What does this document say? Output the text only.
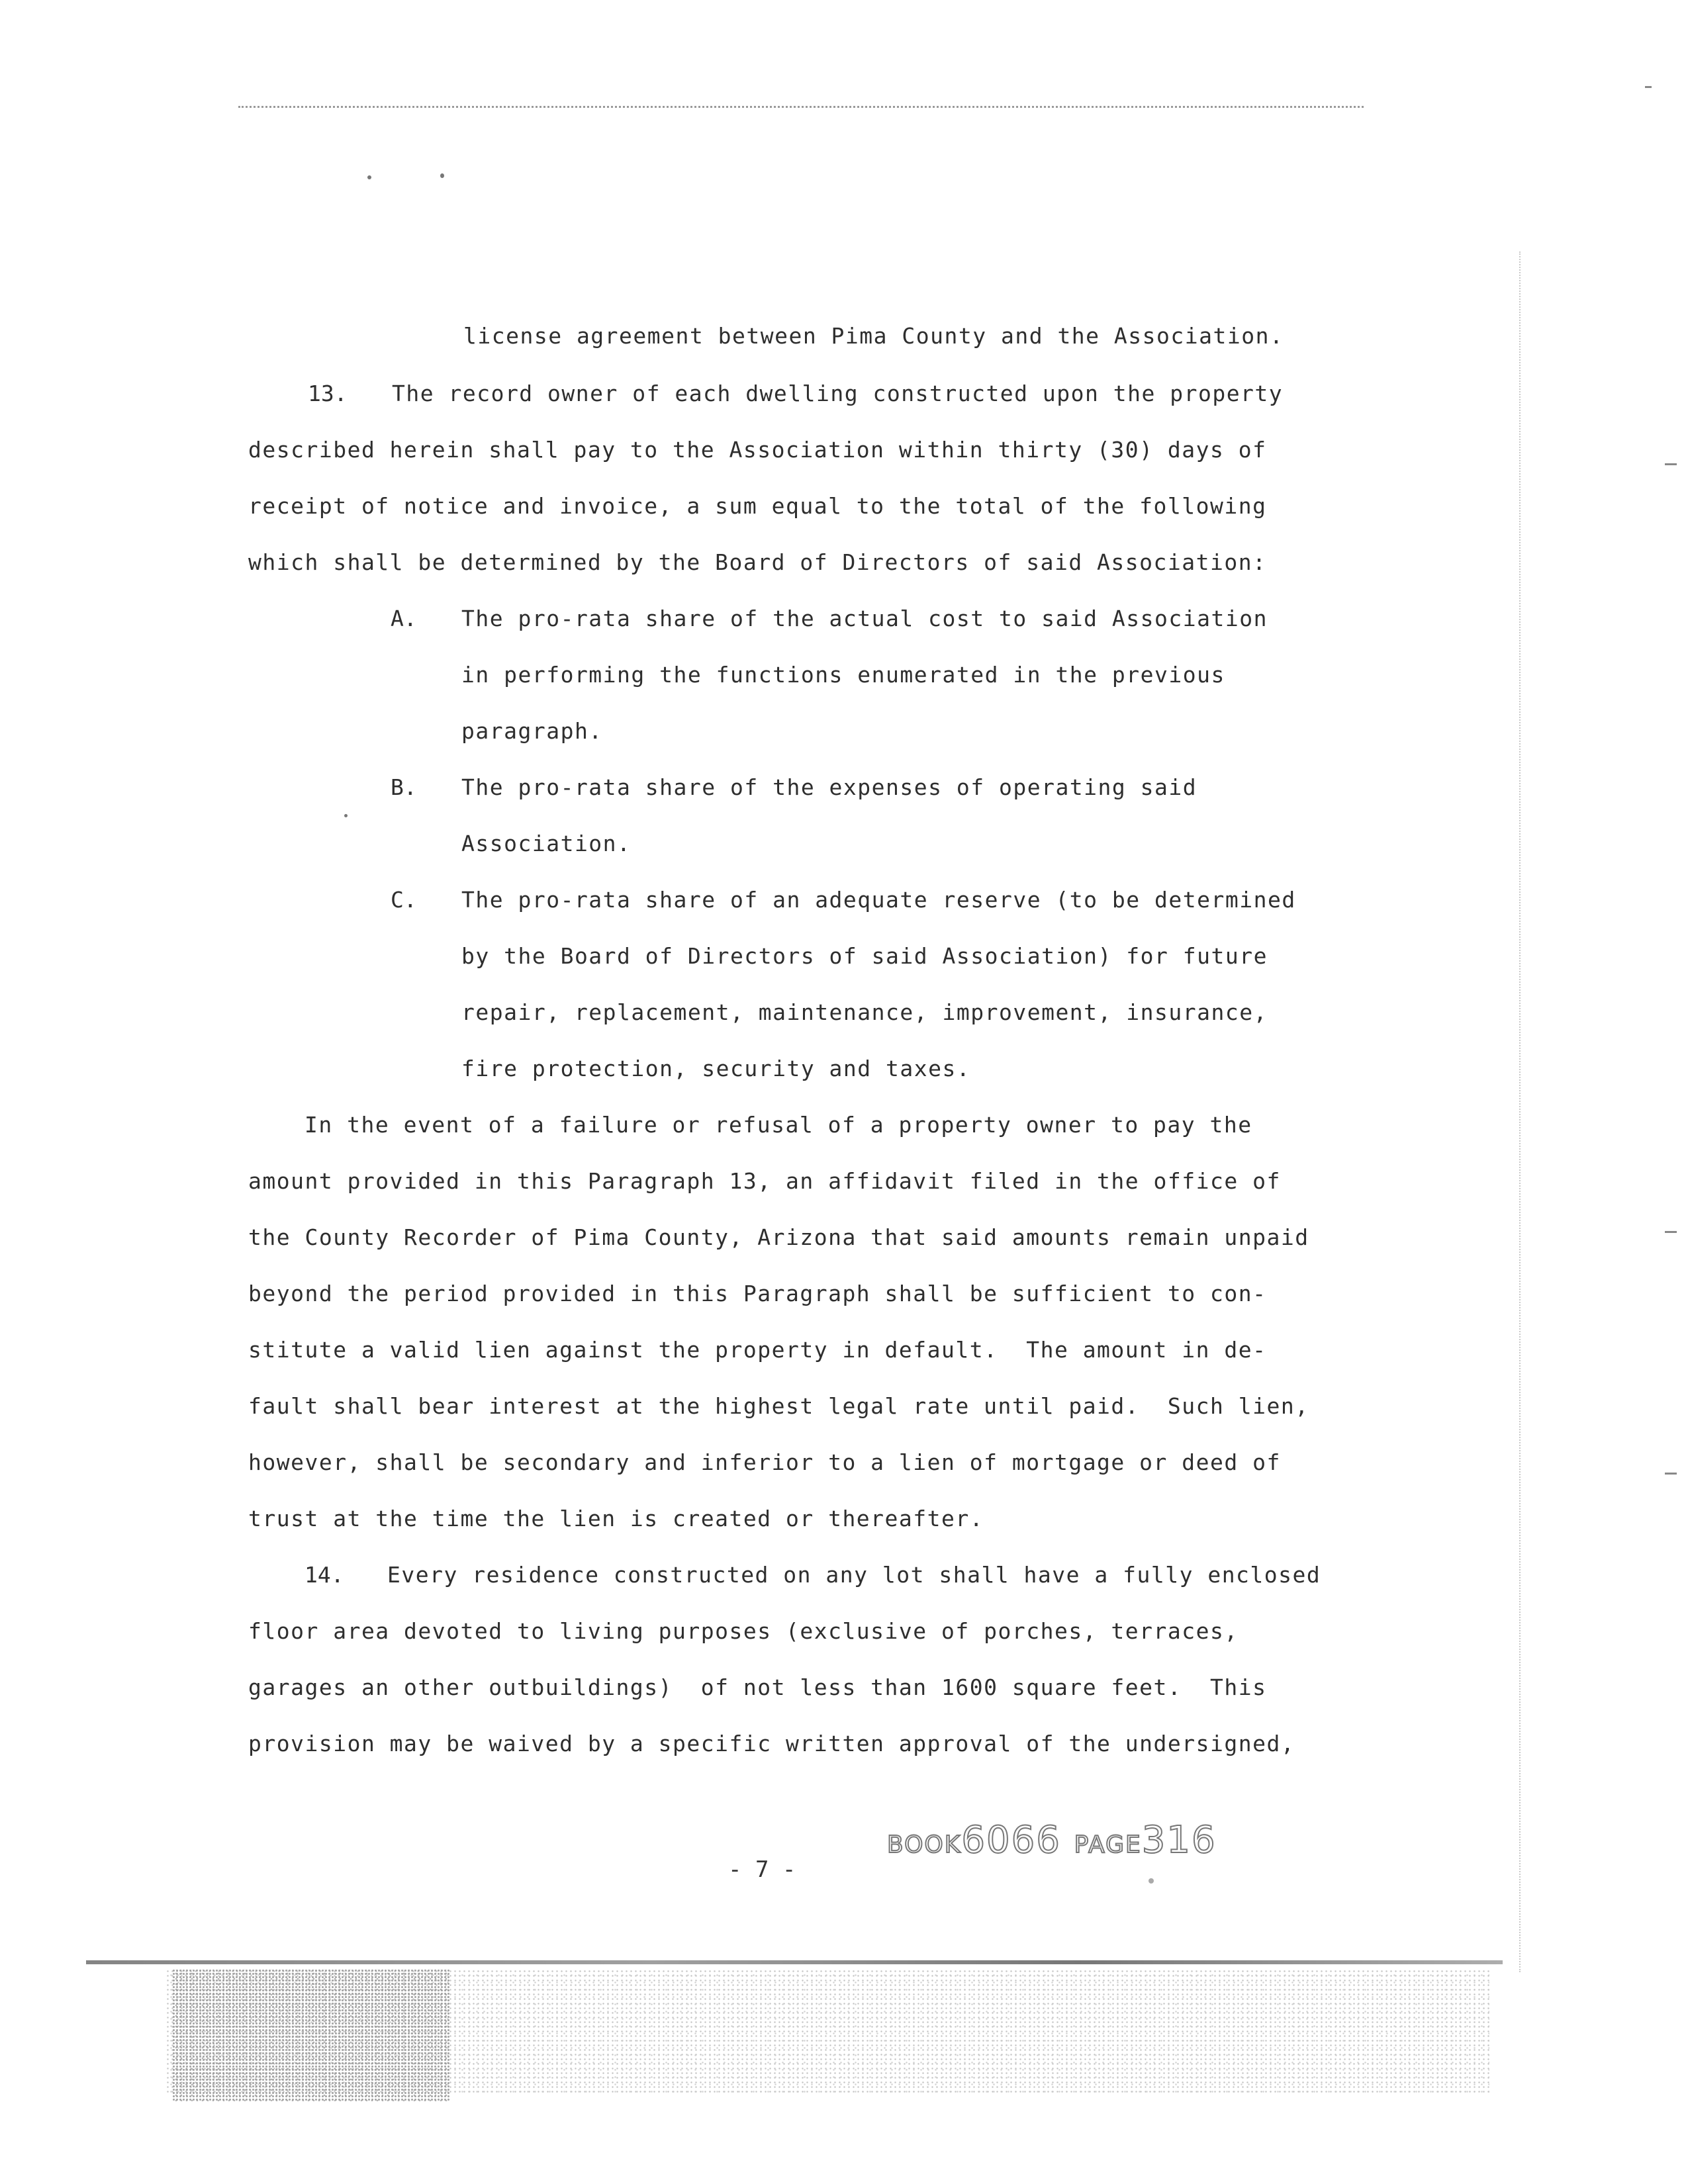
license agreement between Pima County and the Association.
13. The record owner of each dwelling constructed upon the property
described herein shall pay to the Association within thirty (30) days of
receipt of notice and invoice, a sum equal to the total of the following
which shall be determined by the Board of Directors of said Association:
A. The pro-rata share of the actual cost to said Association
in performing the functions enumerated in the previous
paragraph.
B. The pro-rata share of the expenses of operating said
Association.
C. The pro-rata share of an adequate reserve (to be determined
by the Board of Directors of said Association) for future
repair, replacement, maintenance, improvement, insurance,
fire protection, security and taxes.
In the event of a failure or refusal of a property owner to pay the
amount provided in this Paragraph 13, an affidavit filed in the office of
the County Recorder of Pima County, Arizona that said amounts remain unpaid
beyond the period provided in this Paragraph shall be sufficient to con-
stitute a valid lien against the property in default.  The amount in de-
fault shall bear interest at the highest legal rate until paid.  Such lien,
however, shall be secondary and inferior to a lien of mortgage or deed of
trust at the time the lien is created or thereafter.
14. Every residence constructed on any lot shall have a fully enclosed
floor area devoted to living purposes (exclusive of porches, terraces,
garages an other outbuildings)  of not less than 1600 square feet.  This
provision may be waived by a specific written approval of the undersigned,
- 7 -
BOOK6066 PAGE316
